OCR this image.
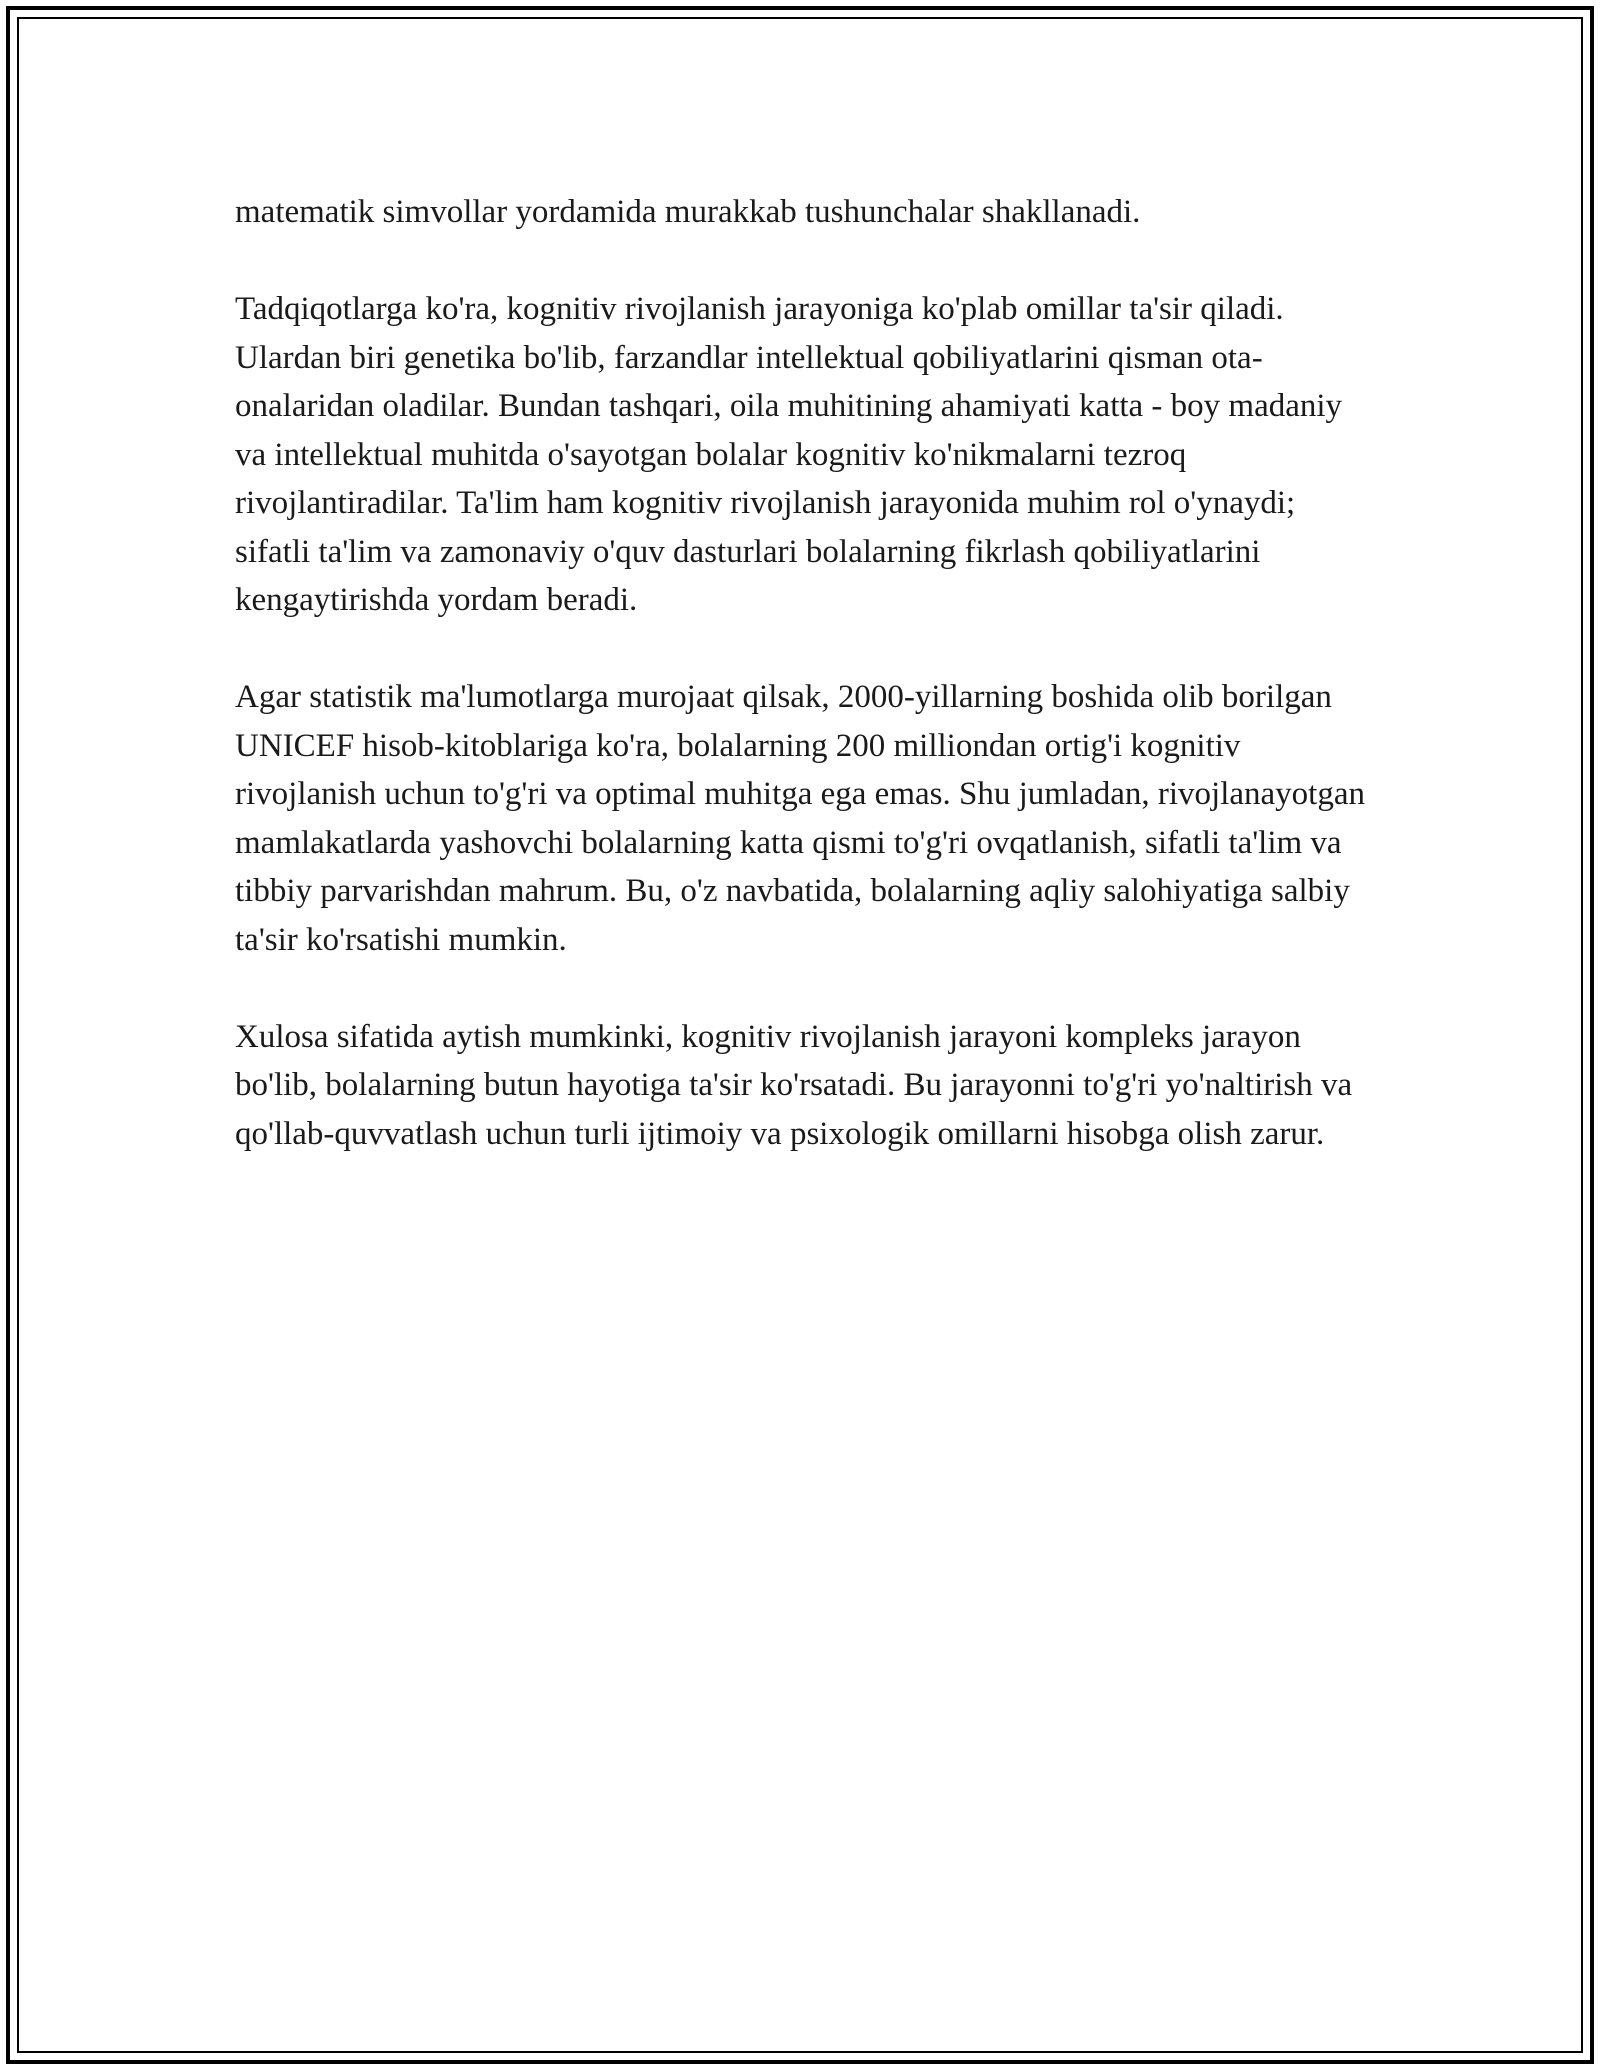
matematik simvollar yordamida murakkab tushunchalar shakllanadi.

Tadqiqotlarga ko'ra, kognitiv rivojlanish jarayoniga ko'plab omillar ta'sir qiladi. Ulardan biri genetika bo'lib, farzandlar intellektual qobiliyatlarini qisman ota-onalaridan oladilar. Bundan tashqari, oila muhitining ahamiyati katta - boy madaniy va intellektual muhitda o'sayotgan bolalar kognitiv ko'nikmalarni tezroq rivojlantiradilar. Ta'lim ham kognitiv rivojlanish jarayonida muhim rol o'ynaydi; sifatli ta'lim va zamonaviy o'quv dasturlari bolalarning fikrlash qobiliyatlarini kengaytirishda yordam beradi.

Agar statistik ma'lumotlarga murojaat qilsak, 2000-yillarning boshida olib borilgan UNICEF hisob-kitoblariga ko'ra, bolalarning 200 milliondan ortig'i kognitiv rivojlanish uchun to'g'ri va optimal muhitga ega emas. Shu jumladan, rivojlanayotgan mamlakatlarda yashovchi bolalarning katta qismi to'g'ri ovqatlanish, sifatli ta'lim va tibbiy parvarishdan mahrum. Bu, o'z navbatida, bolalarning aqliy salohiyatiga salbiy ta'sir ko'rsatishi mumkin.

Xulosa sifatida aytish mumkinki, kognitiv rivojlanish jarayoni kompleks jarayon bo'lib, bolalarning butun hayotiga ta'sir ko'rsatadi. Bu jarayonni to'g'ri yo'naltirish va qo'llab-quvvatlash uchun turli ijtimoiy va psixologik omillarni hisobga olish zarur.
